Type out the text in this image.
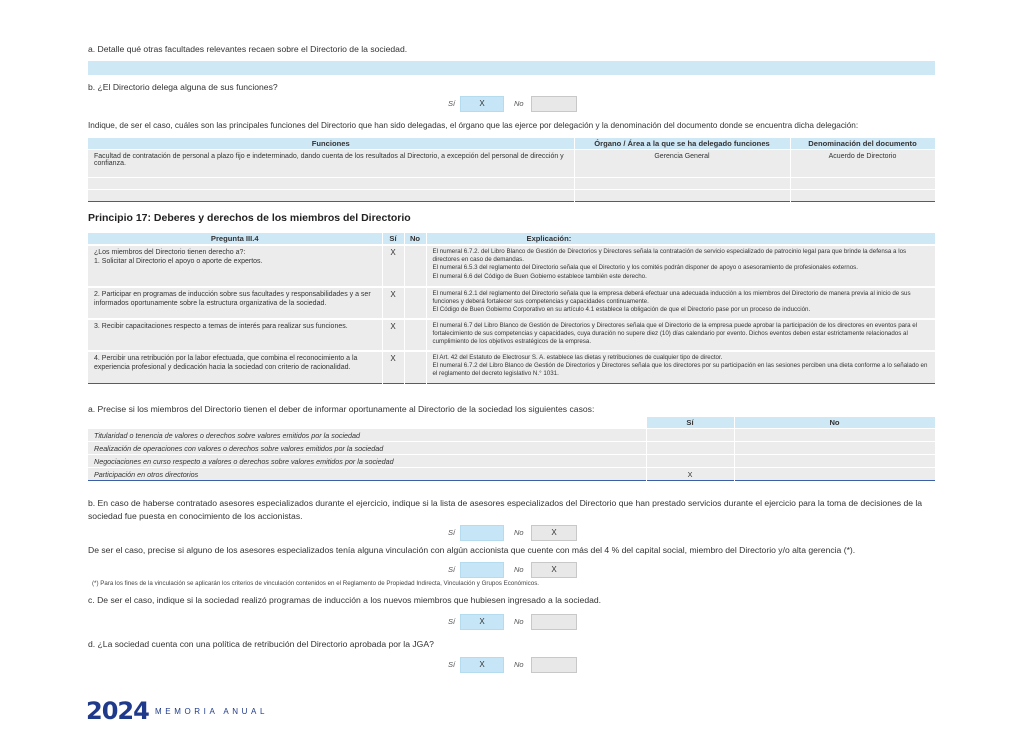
a. Detalle qué otras facultades relevantes recaen sobre el Directorio de la sociedad.
b. ¿El Directorio delega alguna de sus funciones?
Sí	X	No
Indique, de ser el caso, cuáles son las principales funciones del Directorio que han sido delegadas, el órgano que las ejerce por delegación y la denominación del documento donde se encuentra dicha delegación:
Funciones	Órgano / Área a la que se ha delegado funciones	Denominación del documento
Facultad de contratación de personal a plazo fijo e indeterminado, dando cuenta de los resultados al Directorio, a excepción del personal de dirección y confianza.	Gerencia General	Acuerdo de Directorio

Principio 17: Deberes y derechos de los miembros del Directorio
Pregunta III.4	Sí	No	Explicación:
¿Los miembros del Directorio tienen derecho a?:
1. Solicitar al Directorio el apoyo o aporte de expertos.	X		El numeral 6.7.2. del Libro Blanco de Gestión de Directorios y Directores señala la contratación de servicio especializado de patrocinio legal para que brinde la defensa a los directores en caso de demandas.
El numeral 6.5.3 del reglamento del Directorio señala que el Directorio y los comités podrán disponer de apoyo o asesoramiento de profesionales externos.
El numeral 6.6 del Código de Buen Gobierno establece también este derecho.
2. Participar en programas de inducción sobre sus facultades y responsabilidades y a ser informados oportunamente sobre la estructura organizativa de la sociedad.	X		El numeral 6.2.1 del reglamento del Directorio señala que la empresa deberá efectuar una adecuada inducción a los miembros del Directorio de manera previa al inicio de sus funciones y deberá fortalecer sus competencias y capacidades continuamente.
El Código de Buen Gobierno Corporativo en su artículo 4.1 establece la obligación de que el Directorio pase por un proceso de inducción.
3. Recibir capacitaciones respecto a temas de interés para realizar sus funciones.	X		El numeral 6.7 del Libro Blanco de Gestión de Directorios y Directores señala que el Directorio de la empresa puede aprobar la participación de los directores en eventos para el fortalecimiento de sus competencias y capacidades, cuya duración no supere diez (10) días calendario por evento. Dichos eventos deben estar estrictamente relacionados al cumplimiento de los objetivos estratégicos de la empresa.
4. Percibir una retribución por la labor efectuada, que combina el reconocimiento a la experiencia profesional y dedicación hacia la sociedad con criterio de racionalidad.	X		El Art. 42 del Estatuto de Electrosur S. A. establece las dietas y retribuciones de cualquier tipo de director.
El numeral 6.7.2 del Libro Blanco de Gestión de Directorios y Directores señala que los directores por su participación en las sesiones perciben una dieta conforme a lo señalado en el reglamento del decreto legislativo N.° 1031.
a. Precise si los miembros del Directorio tienen el deber de informar oportunamente al Directorio de la sociedad los siguientes casos:
	Sí	No
Titularidad o tenencia de valores o derechos sobre valores emitidos por la sociedad		
Realización de operaciones con valores o derechos sobre valores emitidos por la sociedad		
Negociaciones en curso respecto a valores o derechos sobre valores emitidos por la sociedad		
Participación en otros directorios	X	
b. En caso de haberse contratado asesores especializados durante el ejercicio, indique si la lista de asesores especializados del Directorio que han prestado servicios durante el ejercicio para la toma de decisiones de la sociedad fue puesta en conocimiento de los accionistas.
Sí	No	X
De ser el caso, precise si alguno de los asesores especializados tenía alguna vinculación con algún accionista que cuente con más del 4 % del capital social, miembro del Directorio y/o alta gerencia (*).
Sí	No	X
(*) Para los fines de la vinculación se aplicarán los criterios de vinculación contenidos en el Reglamento de Propiedad Indirecta, Vinculación y Grupos Económicos.
c. De ser el caso, indique si la sociedad realizó programas de inducción a los nuevos miembros que hubiesen ingresado a la sociedad.
Sí	X	No
d. ¿La sociedad cuenta con una política de retribución del Directorio aprobada por la JGA?
Sí	X	No
2024 MEMORIA ANUAL
